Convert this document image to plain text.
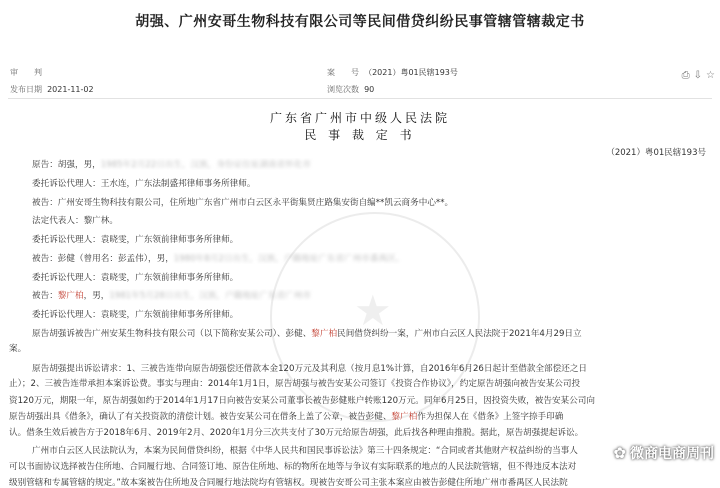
胡强、广州安哥生物科技有限公司等民间借贷纠纷民事管辖管辖裁定书
审　　判
发布日期 2021-11-02
案　　号 （2021）粤01民辖193号
浏览次数 90
⎙ ⇩ ☆
广东省广州市中级人民法院
民 事 裁 定 书
（2021）粤01民辖193号
★
原告：胡强，男，1985年2月22日出生，汉族，身份证住址湖南省怀化市
委托诉讼代理人：王水连，广东法制盛邦律师事务所律师。
被告：广州安哥生物科技有限公司，住所地广东省广州市白云区永平街集贤庄路集安街自编**凯云商务中心**。
法定代表人：黎广林。
委托诉讼代理人：袁晓雯，广东领前律师事务所律师。
被告：彭健（曾用名：彭孟伟），男，1980年8月2日出生，汉族，户籍地址广东省广州市番禺区。
委托诉讼代理人：袁晓雯，广东领前律师事务所律师。
被告：黎广柏，男，1981年5月28日出生，汉族，户籍地址广东省广州市
委托诉讼代理人：袁晓雯，广东领前律师事务所律师。
原告胡强诉被告广州安某生物科技有限公司（以下简称安某公司）、彭健、黎广柏民间借贷纠纷一案，广州市白云区人民法院于2021年4月29日立
案。
原告胡强提出诉讼请求：1、三被告连带向原告胡强偿还借款本金120万元及其利息（按月息1%计算，自2016年6月26日起计至借款全部偿还之日
止）；2、三被告连带承担本案诉讼费。事实与理由：2014年1月1日，原告胡强与被告安某公司签订《投资合作协议》，约定原告胡强向被告安某公司投
资120万元，期限一年，原告胡强如约于2014年1月17日向被告安某公司董事长被告彭健账户转账120万元。同年6月25日，因投资失败，被告安某公司向
原告胡强出具《借条》，确认了有关投资款的清偿计划。被告安某公司在借条上盖了公章，被告彭健、黎广柏作为担保人在《借条》上签字捺手印确
认。借条生效后被告方于2018年6月、2019年2月、2020年1月分三次共支付了30万元给原告胡强，此后找各种理由推脱。据此，原告胡强提起诉讼。
广州市白云区人民法院认为，本案为民间借贷纠纷，根据《中华人民共和国民事诉讼法》第三十四条规定：“合同或者其他财产权益纠纷的当事人
可以书面协议选择被告住所地、合同履行地、合同签订地、原告住所地、标的物所在地等与争议有实际联系的地点的人民法院管辖，但不得违反本法对
级别管辖和专属管辖的规定。”故本案被告住所地及合同履行地法院均有管辖权。现被告安哥公司主张本案应由被告彭健住所地广州市番禺区人民法院
✿ 微商电商周刊
